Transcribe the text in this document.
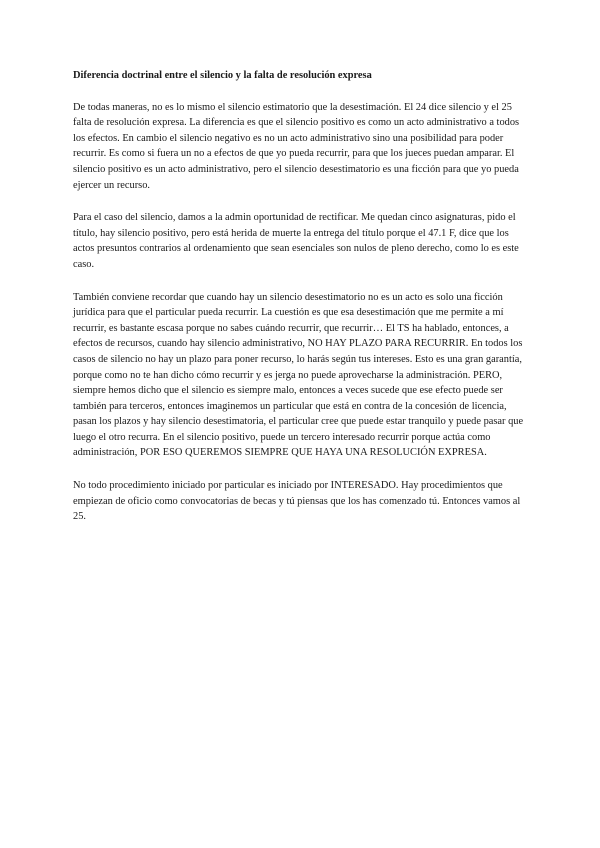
Diferencia doctrinal entre el silencio y la falta de resolución expresa

De todas maneras, no es lo mismo el silencio estimatorio que la desestimación. El 24 dice silencio y el 25 falta de resolución expresa. La diferencia es que el silencio positivo es como un acto administrativo a todos los efectos. En cambio el silencio negativo es no un acto administrativo sino una posibilidad para poder recurrir. Es como si fuera un no a efectos de que yo pueda recurrir, para que los jueces puedan amparar. El silencio positivo es un acto administrativo, pero el silencio desestimatorio es una ficción para que yo pueda ejercer un recurso.

Para el caso del silencio, damos a la admin oportunidad de rectificar. Me quedan cinco asignaturas, pido el título, hay silencio positivo, pero está herida de muerte la entrega del título porque el 47.1 F, dice que los actos presuntos contrarios al ordenamiento que sean esenciales son nulos de pleno derecho, como lo es este caso.

También conviene recordar que cuando hay un silencio desestimatorio no es un acto es solo una ficción jurídica para que el particular pueda recurrir. La cuestión es que esa desestimación que me permite a mí recurrir, es bastante escasa porque no sabes cuándo recurrir, que recurrir… El TS ha hablado, entonces, a efectos de recursos, cuando hay silencio administrativo, NO HAY PLAZO PARA RECURRIR. En todos los casos de silencio no hay un plazo para poner recurso, lo harás según tus intereses. Esto es una gran garantía, porque como no te han dicho cómo recurrir y es jerga no puede aprovecharse la administración. PERO, siempre hemos dicho que el silencio es siempre malo, entonces a veces sucede que ese efecto puede ser también para terceros, entonces imaginemos un particular que está en contra de la concesión de licencia, pasan los plazos y hay silencio desestimatoria, el particular cree que puede estar tranquilo y puede pasar que luego el otro recurra. En el silencio positivo, puede un tercero interesado recurrir porque actúa como administración, POR ESO QUEREMOS SIEMPRE QUE HAYA UNA RESOLUCIÓN EXPRESA.

No todo procedimiento iniciado por particular es iniciado por INTERESADO. Hay procedimientos que empiezan de oficio como convocatorias de becas y tú piensas que los has comenzado tú. Entonces vamos al 25.
